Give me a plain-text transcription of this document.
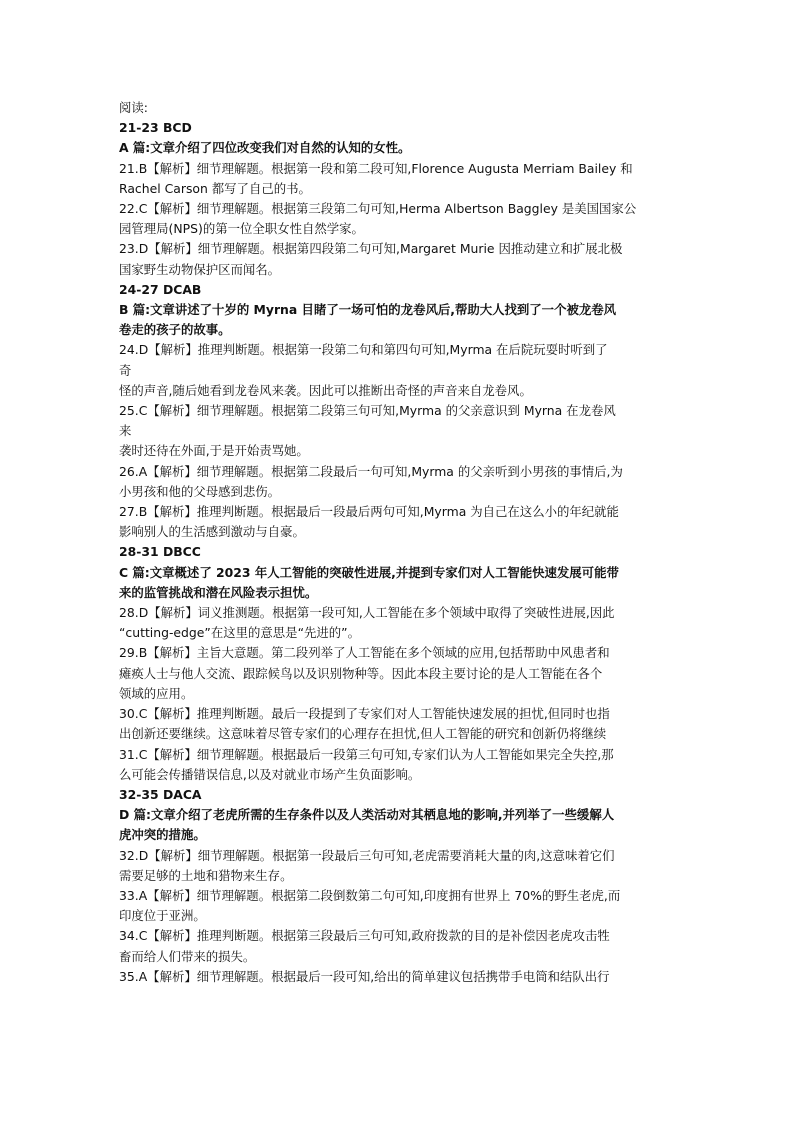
阅读:
21-23 BCD
A 篇:文章介绍了四位改变我们对自然的认知的女性。
21.B【解析】细节理解题。根据第一段和第二段可知,Florence Augusta Merriam Bailey 和
Rachel Carson 都写了自己的书。
22.C【解析】细节理解题。根据第三段第二句可知,Herma Albertson Baggley 是美国国家公
园管理局(NPS)的第一位全职女性自然学家。
23.D【解析】细节理解题。根据第四段第二句可知,Margaret Murie 因推动建立和扩展北极
国家野生动物保护区而闻名。
24-27 DCAB
B 篇:文章讲述了十岁的 Myrna 目睹了一场可怕的龙卷风后,帮助大人找到了一个被龙卷风
卷走的孩子的故事。
24.D【解析】推理判断题。根据第一段第二句和第四句可知,Myrma 在后院玩耍时听到了
奇
怪的声音,随后她看到龙卷风来袭。因此可以推断出奇怪的声音来自龙卷风。
25.C【解析】细节理解题。根据第二段第三句可知,Myrma 的父亲意识到 Myrna 在龙卷风
来
袭时还待在外面,于是开始责骂她。
26.A【解析】细节理解题。根据第二段最后一句可知,Myrma 的父亲听到小男孩的事情后,为
小男孩和他的父母感到悲伤。
27.B【解析】推理判断题。根据最后一段最后两句可知,Myrma 为自己在这么小的年纪就能
影响别人的生活感到激动与自豪。
28-31 DBCC
C 篇:文章概述了 2023 年人工智能的突破性进展,并提到专家们对人工智能快速发展可能带
来的监管挑战和潜在风险表示担忧。
28.D【解析】词义推测题。根据第一段可知,人工智能在多个领域中取得了突破性进展,因此
“cutting-edge”在这里的意思是“先进的”。
29.B【解析】主旨大意题。第二段列举了人工智能在多个领域的应用,包括帮助中风患者和
瘫痪人士与他人交流、跟踪候鸟以及识别物种等。因此本段主要讨论的是人工智能在各个
领域的应用。
30.C【解析】推理判断题。最后一段提到了专家们对人工智能快速发展的担忧,但同时也指
出创新还要继续。这意味着尽管专家们的心理存在担忧,但人工智能的研究和创新仍将继续
31.C【解析】细节理解题。根据最后一段第三句可知,专家们认为人工智能如果完全失控,那
么可能会传播错误信息,以及对就业市场产生负面影响。
32-35 DACA
D 篇:文章介绍了老虎所需的生存条件以及人类活动对其栖息地的影响,并列举了一些缓解人
虎冲突的措施。
32.D【解析】细节理解题。根据第一段最后三句可知,老虎需要消耗大量的肉,这意味着它们
需要足够的土地和猎物来生存。
33.A【解析】细节理解题。根据第二段倒数第二句可知,印度拥有世界上 70%的野生老虎,而
印度位于亚洲。
34.C【解析】推理判断题。根据第三段最后三句可知,政府拨款的目的是补偿因老虎攻击牲
畜而给人们带来的损失。
35.A【解析】细节理解题。根据最后一段可知,给出的简单建议包括携带手电筒和结队出行
